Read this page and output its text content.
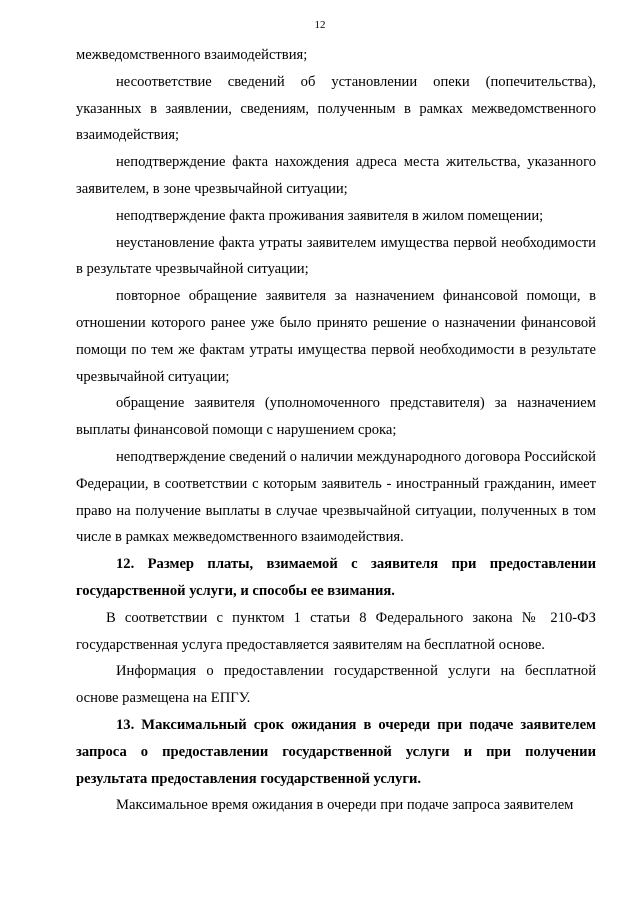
12

межведомственного взаимодействия;

несоответствие сведений об установлении опеки (попечительства), указанных в заявлении, сведениям, полученным в рамках межведомственного взаимодействия;

неподтверждение факта нахождения адреса места жительства, указанного заявителем, в зоне чрезвычайной ситуации;

неподтверждение факта проживания заявителя в жилом помещении;

неустановление факта утраты заявителем имущества первой необходимости в результате чрезвычайной ситуации;

повторное обращение заявителя за назначением финансовой помощи, в отношении которого ранее уже было принято решение о назначении финансовой помощи по тем же фактам утраты имущества первой необходимости в результате чрезвычайной ситуации;

обращение заявителя (уполномоченного представителя) за назначением выплаты финансовой помощи с нарушением срока;

неподтверждение сведений о наличии международного договора Российской Федерации, в соответствии с которым заявитель - иностранный гражданин, имеет право на получение выплаты в случае чрезвычайной ситуации, полученных в том числе в рамках межведомственного взаимодействия.

12. Размер платы, взимаемой с заявителя при предоставлении государственной услуги, и способы ее взимания.

В соответствии с пунктом 1 статьи 8 Федерального закона № 210-ФЗ государственная услуга предоставляется заявителям на бесплатной основе.

Информация о предоставлении государственной услуги на бесплатной основе размещена на ЕПГУ.

13. Максимальный срок ожидания в очереди при подаче заявителем запроса о предоставлении государственной услуги и при получении результата предоставления государственной услуги.

Максимальное время ожидания в очереди при подаче запроса заявителем
